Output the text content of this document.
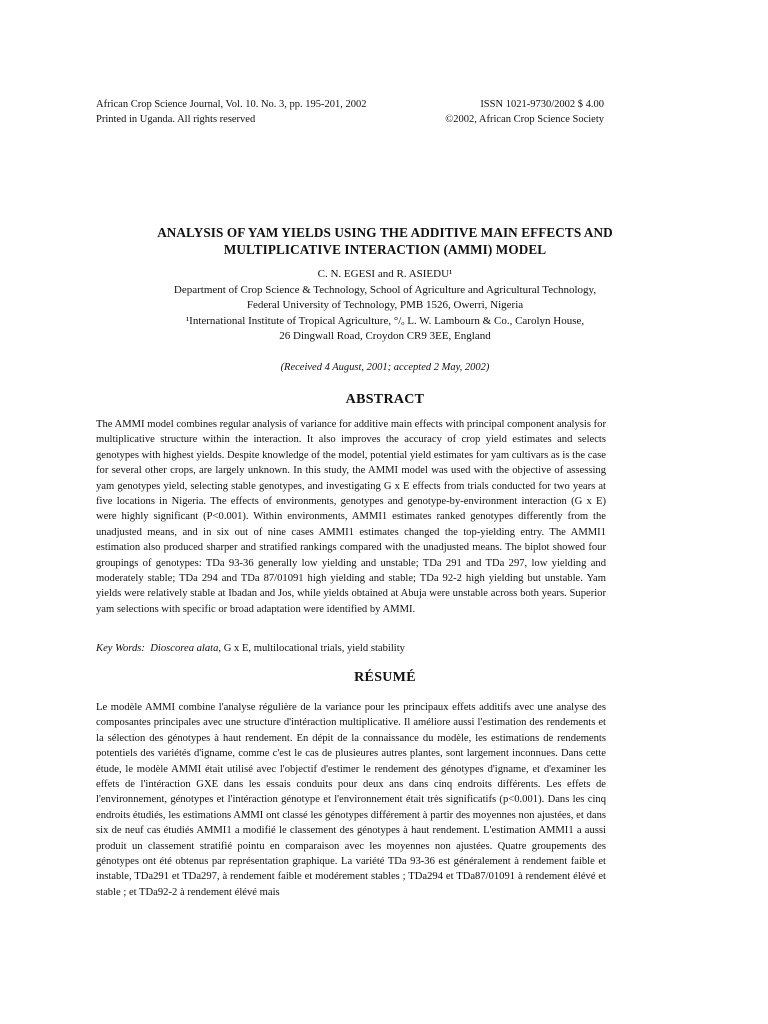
African Crop Science Journal, Vol. 10. No. 3, pp. 195-201, 2002
Printed in Uganda. All rights reserved
ISSN 1021-9730/2002 $ 4.00
©2002, African Crop Science Society
ANALYSIS OF YAM YIELDS USING THE ADDITIVE MAIN EFFECTS AND
MULTIPLICATIVE INTERACTION (AMMI) MODEL
C. N. EGESI and R. ASIEDU¹
Department of Crop Science & Technology, School of Agriculture and Agricultural Technology,
Federal University of Technology, PMB 1526, Owerri, Nigeria
¹International Institute of Tropical Agriculture, °/ₒ L. W. Lambourn & Co., Carolyn House,
26 Dingwall Road, Croydon CR9 3EE, England
(Received 4 August, 2001; accepted 2 May, 2002)
ABSTRACT

The AMMI model combines regular analysis of variance for additive main effects with principal component analysis for multiplicative structure within the interaction. It also improves the accuracy of crop yield estimates and selects genotypes with highest yields. Despite knowledge of the model, potential yield estimates for yam cultivars as is the case for several other crops, are largely unknown. In this study, the AMMI model was used with the objective of assessing yam genotypes yield, selecting stable genotypes, and investigating G x E effects from trials conducted for two years at five locations in Nigeria. The effects of environments, genotypes and genotype-by-environment interaction (G x E) were highly significant (P<0.001). Within environments, AMMI1 estimates ranked genotypes differently from the unadjusted means, and in six out of nine cases AMMI1 estimates changed the top-yielding entry. The AMMI1 estimation also produced sharper and stratified rankings compared with the unadjusted means. The biplot showed four groupings of genotypes: TDa 93-36 generally low yielding and unstable; TDa 291 and TDa 297, low yielding and moderately stable; TDa 294 and TDa 87/01091 high yielding and stable; TDa 92-2 high yielding but unstable. Yam yields were relatively stable at Ibadan and Jos, while yields obtained at Abuja were unstable across both years. Superior yam selections with specific or broad adaptation were identified by AMMI.

Key Words: Dioscorea alata, G x E, multilocational trials, yield stability
RÉSUMÉ

Le modèle AMMI combine l'analyse régulière de la variance pour les principaux effets additifs avec une analyse des composantes principales avec une structure d'intéraction multiplicative. Il améliore aussi l'estimation des rendements et la sélection des génotypes à haut rendement. En dépit de la connaissance du modèle, les estimations de rendements potentiels des variétés d'igname, comme c'est le cas de plusieures autres plantes, sont largement inconnues. Dans cette étude, le modèle AMMI était utilisé avec l'objectif d'estimer le rendement des génotypes d'igname, et d'examiner les effets de l'intéraction GXE dans les essais conduits pour deux ans dans cinq endroits différents. Les effets de l'environnement, génotypes et l'intéraction génotype et l'environnement était très significatifs (p<0.001). Dans les cinq endroits étudiés, les estimations AMMI ont classé les génotypes différement à partir des moyennes non ajustées, et dans six de neuf cas étudiés AMMI1 a modifié le classement des génotypes à haut rendement. L'estimation AMMI1 a aussi produit un classement stratifié pointu en comparaison avec les moyennes non ajustées. Quatre groupements des génotypes ont été obtenus par représentation graphique. La variété TDa 93-36 est généralement à rendement faible et instable, TDa291 et TDa297, à rendement faible et modérement stables ; TDa294 et TDa87/01091 à rendement élévé et stable ; et TDa92-2 à rendement élévé mais
